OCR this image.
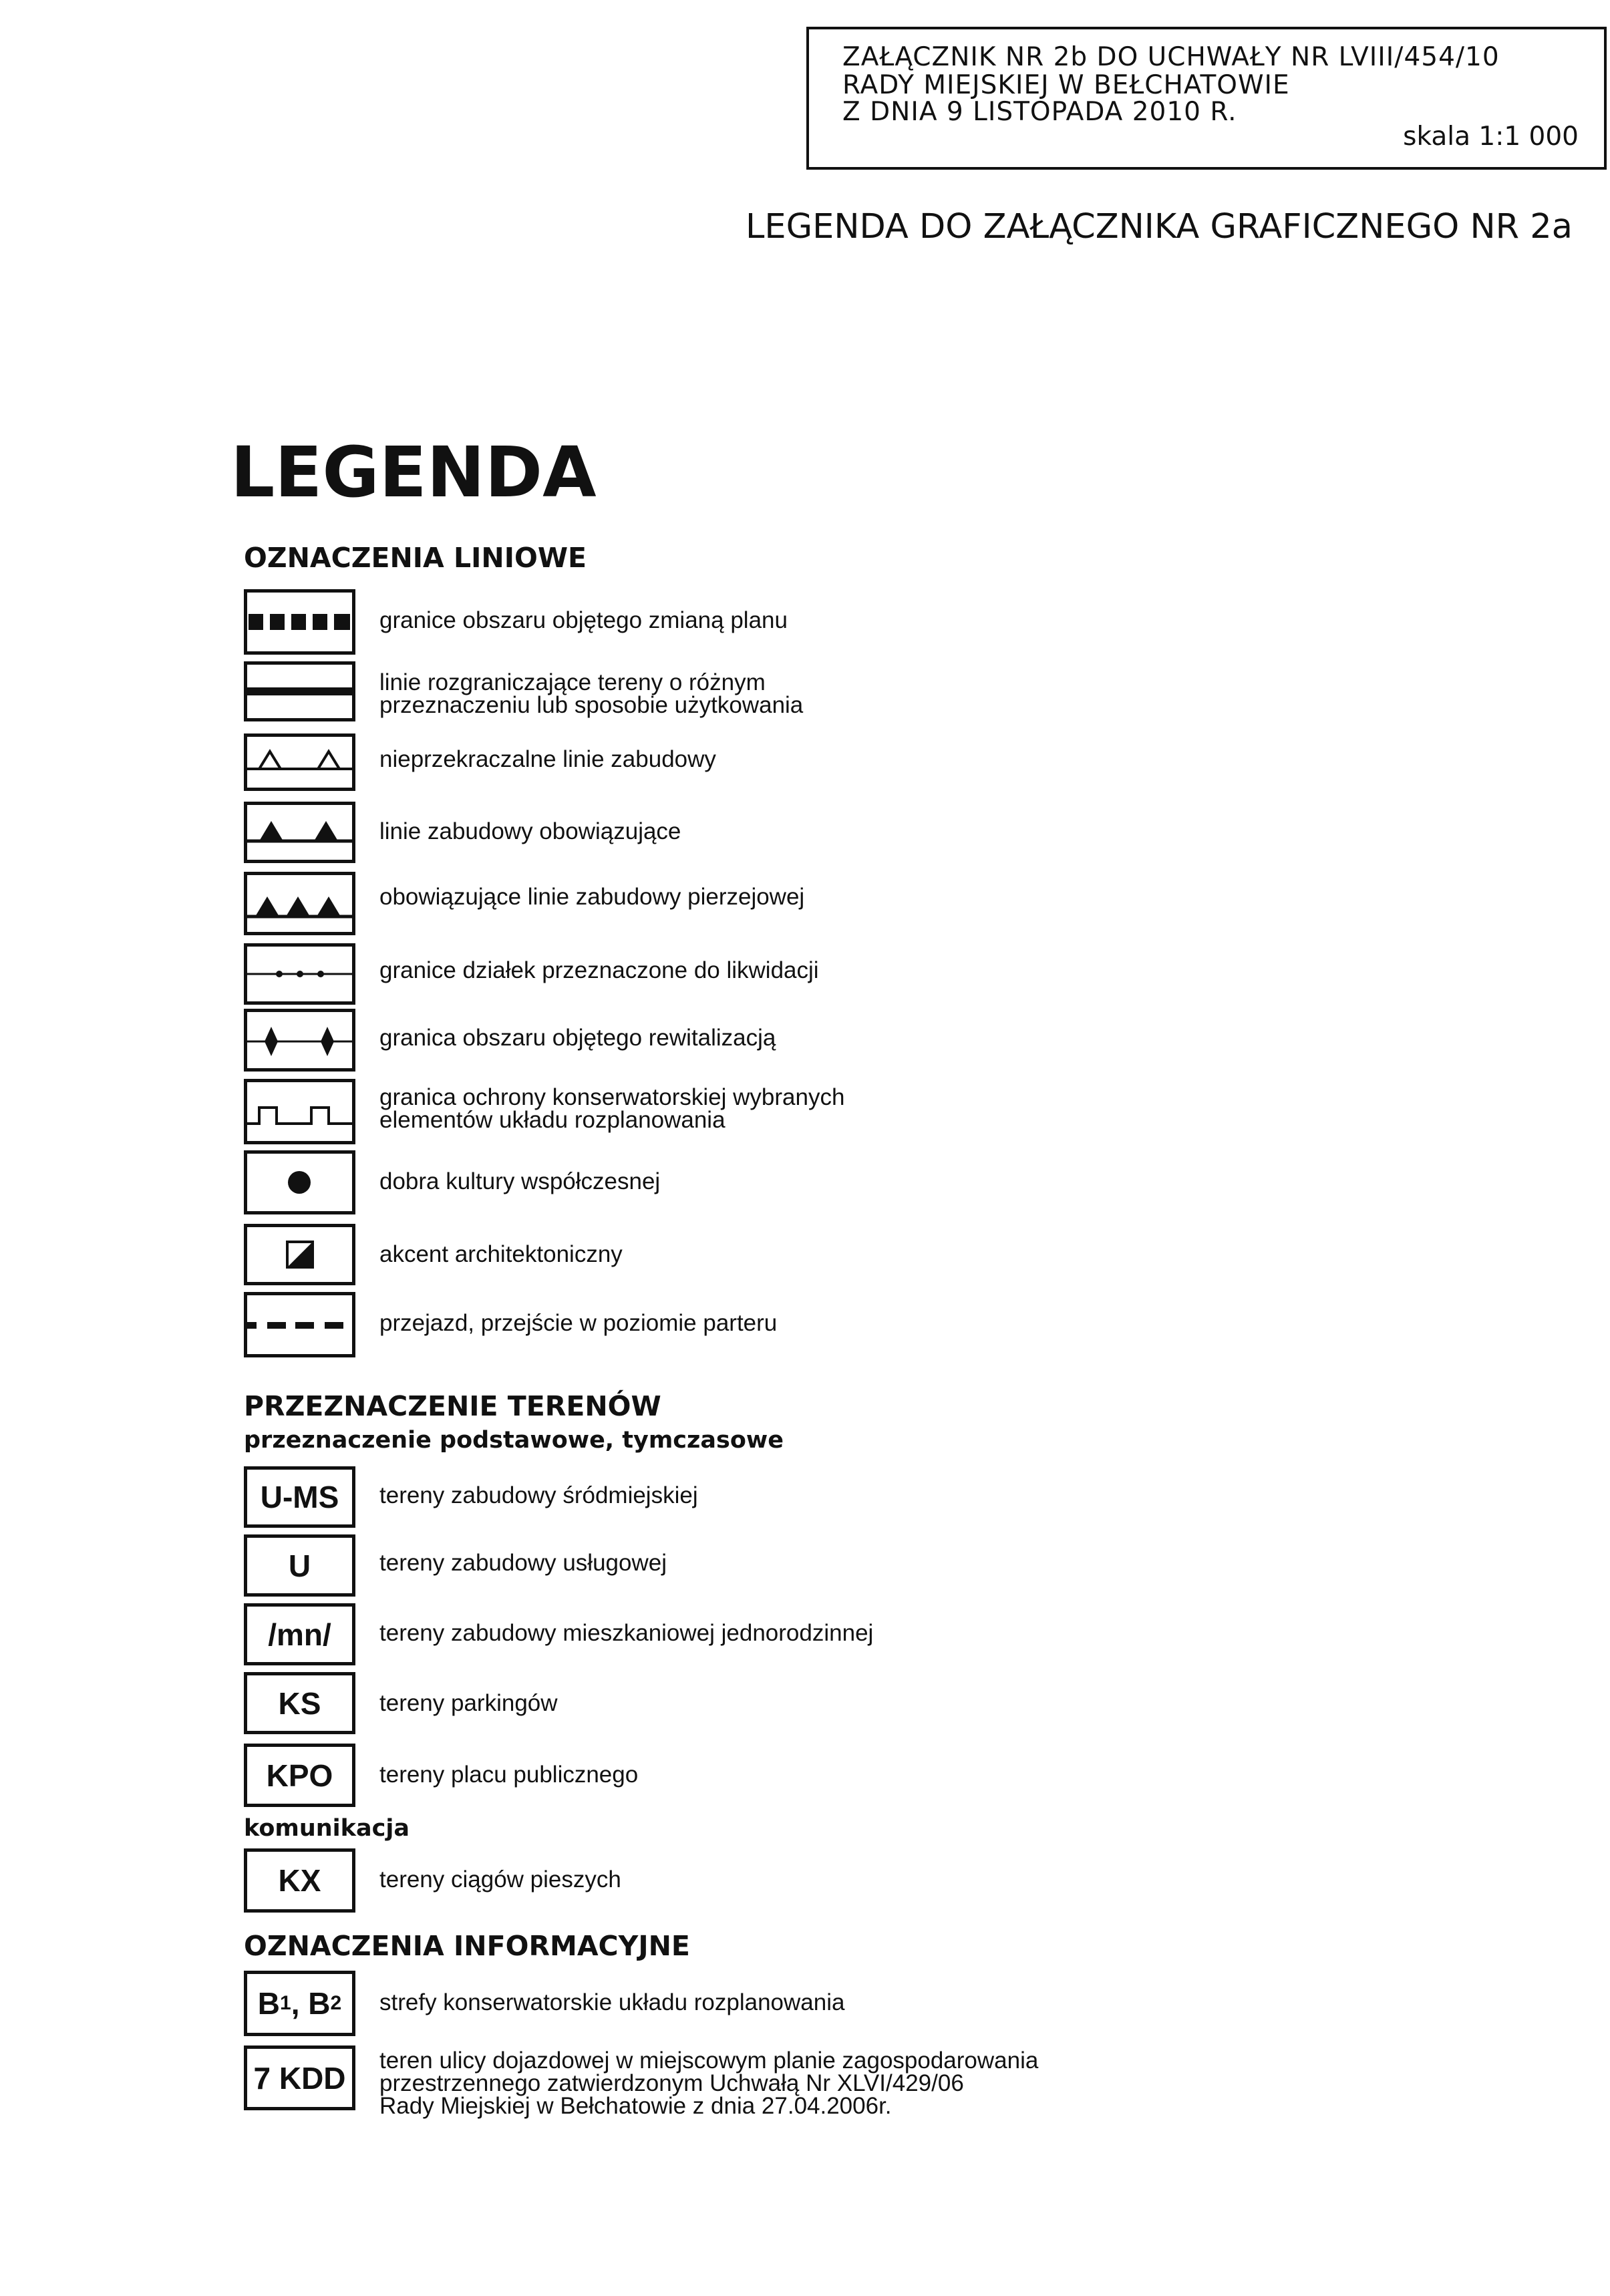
ZAŁĄCZNIK NR 2b DO UCHWAŁY NR LVIII/454/10
RADY MIEJSKIEJ W BEŁCHATOWIE
Z DNIA 9 LISTOPADA 2010 R.
skala 1:1 000
LEGENDA DO ZAŁĄCZNIKA GRAFICZNEGO NR 2a
LEGENDA
OZNACZENIA LINIOWE
granice obszaru objętego zmianą planu
linie rozgraniczające tereny o różnym
przeznaczeniu lub sposobie użytkowania
nieprzekraczalne linie zabudowy
linie zabudowy obowiązujące
obowiązujące linie zabudowy pierzejowej
granice działek przeznaczone do likwidacji
granica obszaru objętego rewitalizacją
granica ochrony konserwatorskiej wybranych
elementów układu rozplanowania
dobra kultury współczesnej
akcent architektoniczny
przejazd, przejście w poziomie parteru
PRZEZNACZENIE TERENÓW
przeznaczenie podstawowe, tymczasowe
U-MS	tereny zabudowy śródmiejskiej
U	tereny zabudowy usługowej
/mn/	tereny zabudowy mieszkaniowej jednorodzinnej
KS	tereny parkingów
KPO	tereny placu publicznego
komunikacja
KX	tereny ciągów pieszych
OZNACZENIA INFORMACYJNE
B 1 , B 2 strefy konserwatorskie układu rozplanowania
7 KDD	teren ulicy dojazdowej w miejscowym planie zagospodarowania
przestrzennego zatwierdzonym Uchwałą Nr XLVI/429/06
Rady Miejskiej w Bełchatowie z dnia 27.04.2006r.
